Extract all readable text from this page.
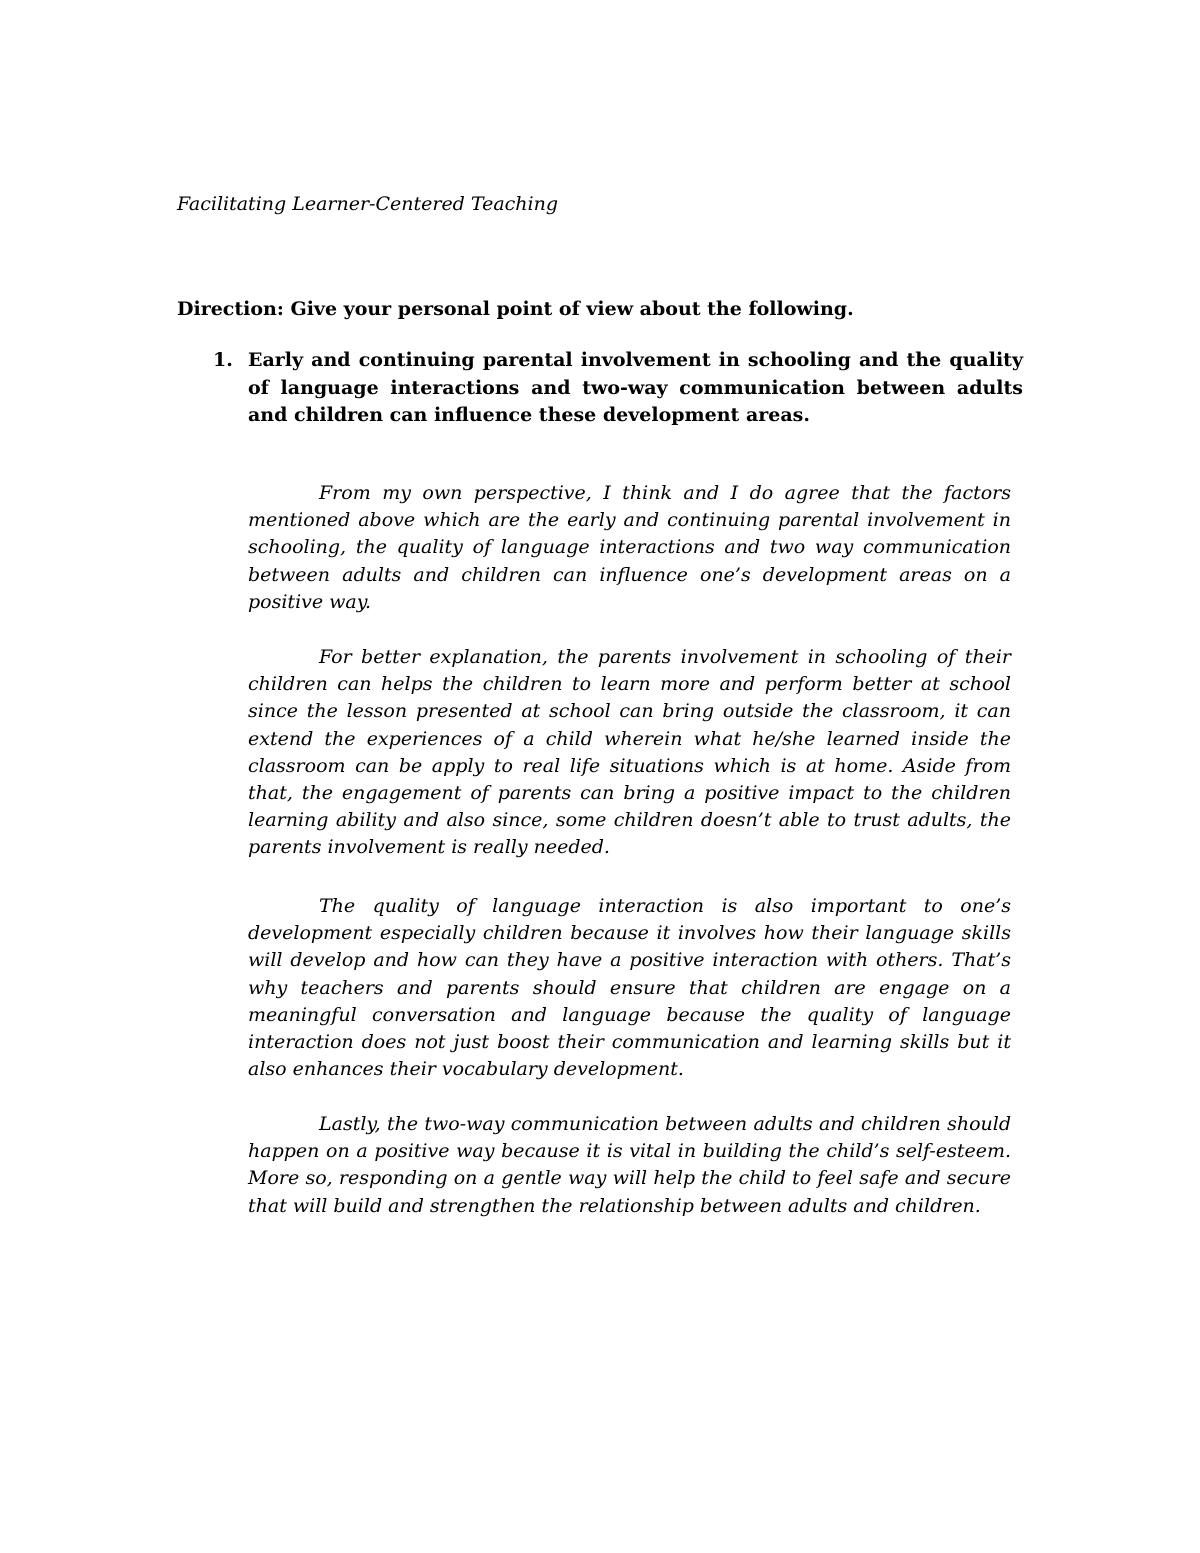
Facilitating Learner-Centered Teaching

Direction: Give your personal point of view about the following.

1. Early and continuing parental involvement in schooling and the quality of language interactions and two-way communication between adults and children can influence these development areas.

From my own perspective, I think and I do agree that the factors mentioned above which are the early and continuing parental involvement in schooling, the quality of language interactions and two way communication between adults and children can influence one’s development areas on a positive way.

For better explanation, the parents involvement in schooling of their children can helps the children to learn more and perform better at school since the lesson presented at school can bring outside the classroom, it can extend the experiences of a child wherein what he/she learned inside the classroom can be apply to real life situations which is at home. Aside from that, the engagement of parents can bring a positive impact to the children learning ability and also since, some children doesn’t able to trust adults, the parents involvement is really needed.

The quality of language interaction is also important to one’s development especially children because it involves how their language skills will develop and how can they have a positive interaction with others. That’s why teachers and parents should ensure that children are engage on a meaningful conversation and language because the quality of language interaction does not just boost their communication and learning skills but it also enhances their vocabulary development.

Lastly, the two-way communication between adults and children should happen on a positive way because it is vital in building the child’s self-esteem. More so, responding on a gentle way will help the child to feel safe and secure that will build and strengthen the relationship between adults and children.
